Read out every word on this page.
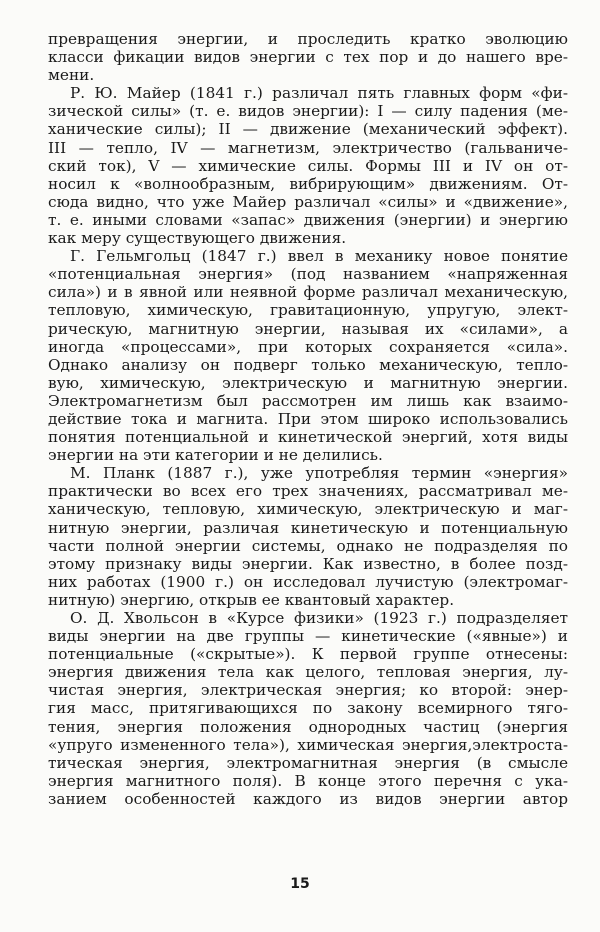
превращения энергии, и проследить кратко эволюцию
класси фикации видов энергии с тех пор и до нашего вре-
мени.
Р. Ю. Майер (1841 г.) различал пять главных форм «фи-
зической силы» (т. е. видов энергии): I — силу падения (ме-
ханические силы); II — движение (механический эффект).
III — тепло, IV — магнетизм, электричество (гальваниче-
ский ток), V — химические силы. Формы III и IV он от-
носил к «волнообразным, вибрирующим» движениям. От-
сюда видно, что уже Майер различал «силы» и «движение»,
т. е. иными словами «запас» движения (энергии) и энергию
как меру существующего движения.
Г. Гельмгольц (1847 г.) ввел в механику новое понятие
«потенциальная энергия» (под названием «напряженная
сила») и в явной или неявной форме различал механическую,
тепловую, химическую, гравитационную, упругую, элект-
рическую, магнитную энергии, называя их «силами», а
иногда «процессами», при которых сохраняется «сила».
Однако анализу он подверг только механическую, тепло-
вую, химическую, электрическую и магнитную энергии.
Электромагнетизм был рассмотрен им лишь как взаимо-
действие тока и магнита. При этом широко использовались
понятия потенциальной и кинетической энергий, хотя виды
энергии на эти категории и не делились.
М. Планк (1887 г.), уже употребляя термин «энергия»
практически во всех его трех значениях, рассматривал ме-
ханическую, тепловую, химическую, электрическую и маг-
нитную энергии, различая кинетическую и потенциальную
части полной энергии системы, однако не подразделяя по
этому признаку виды энергии. Как известно, в более позд-
них работах (1900 г.) он исследовал лучистую (электромаг-
нитную) энергию, открыв ее квантовый характер.
О. Д. Хвольсон в «Курсе физики» (1923 г.) подразделяет
виды энергии на две группы — кинетические («явные») и
потенциальные («скрытые»). К первой группе отнесены:
энергия движения тела как целого, тепловая энергия, лу-
чистая энергия, электрическая энергия; ко второй: энер-
гия масс, притягивающихся по закону всемирного тяго-
тения, энергия положения однородных частиц (энергия
«упруго измененного тела»), химическая энергия,электроста-
тическая энергия, электромагнитная энергия (в смысле
энергия магнитного поля). В конце этого перечня с ука-
занием особенностей каждого из видов энергии автор
15
